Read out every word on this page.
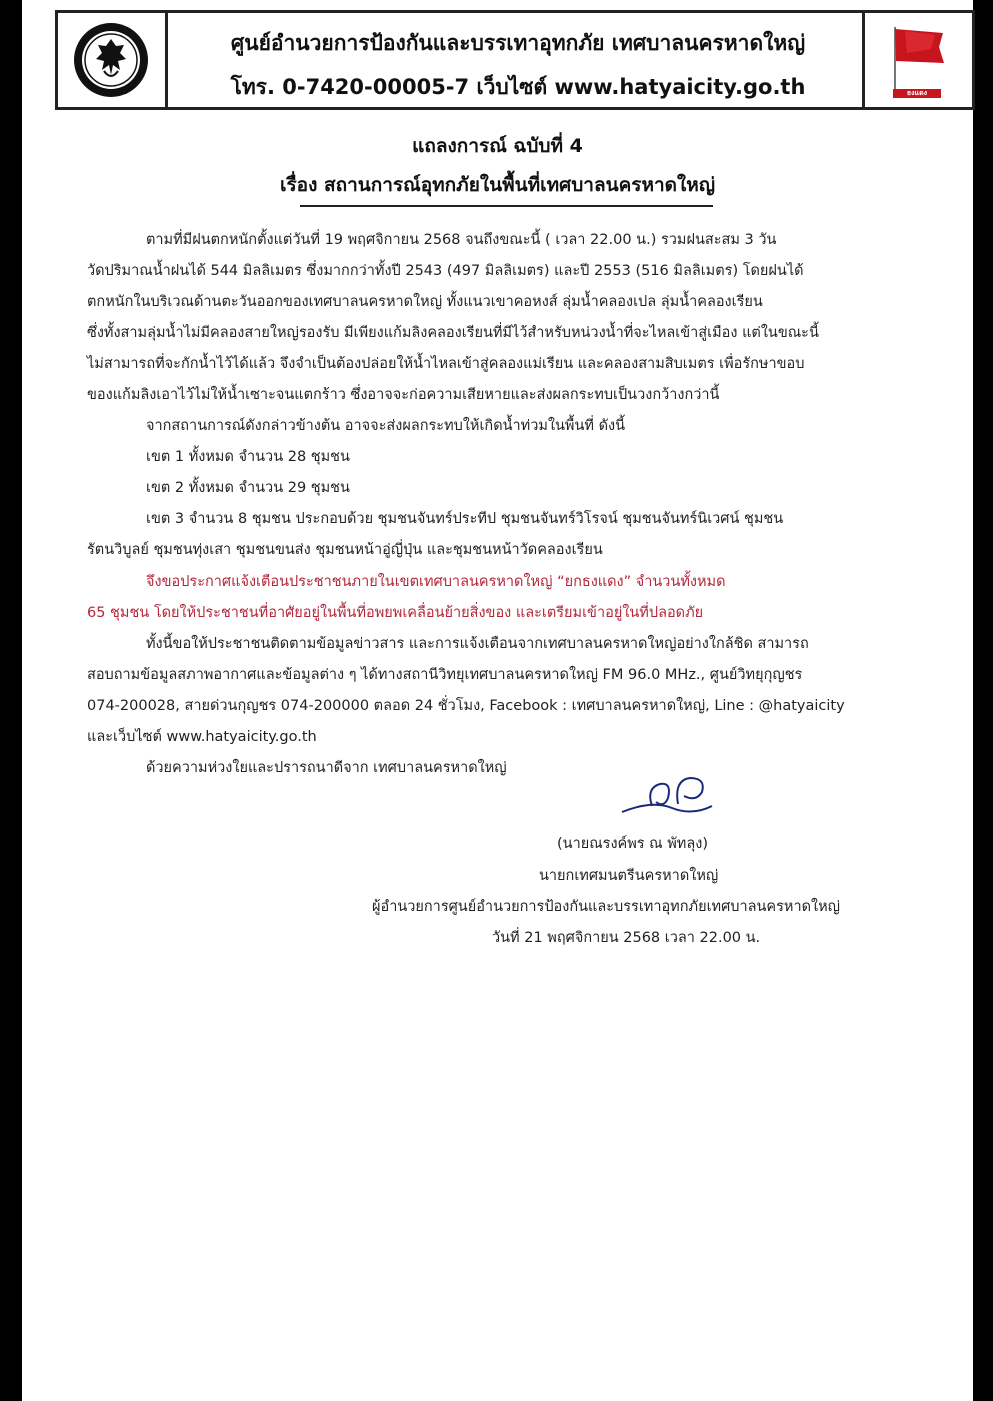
ศูนย์อำนวยการป้องกันและบรรเทาอุทกภัย เทศบาลนครหาดใหญ่
โทร. 0-7420-00005-7 เว็บไซต์ www.hatyaicity.go.th	ธงแดง
แถลงการณ์ ฉบับที่ 4
เรื่อง สถานการณ์อุทกภัยในพื้นที่เทศบาลนครหาดใหญ่
ตามที่มีฝนตกหนักตั้งแต่วันที่ 19 พฤศจิกายน 2568 จนถึงขณะนี้ ( เวลา 22.00 น.) รวมฝนสะสม 3 วัน
วัดปริมาณน้ำฝนได้ 544 มิลลิเมตร ซึ่งมากกว่าทั้งปี 2543 (497 มิลลิเมตร) และปี 2553 (516 มิลลิเมตร) โดยฝนได้
ตกหนักในบริเวณด้านตะวันออกของเทศบาลนครหาดใหญ่ ทั้งแนวเขาคอหงส์ ลุ่มน้ำคลองเปล ลุ่มน้ำคลองเรียน
ซึ่งทั้งสามลุ่มน้ำไม่มีคลองสายใหญ่รองรับ มีเพียงแก้มลิงคลองเรียนที่มีไว้สำหรับหน่วงน้ำที่จะไหลเข้าสู่เมือง แต่ในขณะนี้
ไม่สามารถที่จะกักน้ำไว้ได้แล้ว จึงจำเป็นต้องปล่อยให้น้ำไหลเข้าสู่คลองแม่เรียน และคลองสามสิบเมตร เพื่อรักษาขอบ
ของแก้มลิงเอาไว้ไม่ให้น้ำเซาะจนแตกร้าว ซึ่งอาจจะก่อความเสียหายและส่งผลกระทบเป็นวงกว้างกว่านี้
จากสถานการณ์ดังกล่าวข้างต้น อาจจะส่งผลกระทบให้เกิดน้ำท่วมในพื้นที่ ดังนี้
เขต 1 ทั้งหมด จำนวน 28 ชุมชน
เขต 2 ทั้งหมด จำนวน 29 ชุมชน
เขต 3 จำนวน 8 ชุมชน ประกอบด้วย ชุมชนจันทร์ประทีป ชุมชนจันทร์วิโรจน์ ชุมชนจันทร์นิเวศน์ ชุมชน
รัตนวิบูลย์ ชุมชนทุ่งเสา ชุมชนขนส่ง ชุมชนหน้าอู่ญี่ปุ่น และชุมชนหน้าวัดคลองเรียน
จึงขอประกาศแจ้งเตือนประชาชนภายในเขตเทศบาลนครหาดใหญ่ “ยกธงแดง” จำนวนทั้งหมด
65 ชุมชน โดยให้ประชาชนที่อาศัยอยู่ในพื้นที่อพยพเคลื่อนย้ายสิ่งของ และเตรียมเข้าอยู่ในที่ปลอดภัย
ทั้งนี้ขอให้ประชาชนติดตามข้อมูลข่าวสาร และการแจ้งเตือนจากเทศบาลนครหาดใหญ่อย่างใกล้ชิด สามารถ
สอบถามข้อมูลสภาพอากาศและข้อมูลต่าง ๆ ได้ทางสถานีวิทยุเทศบาลนครหาดใหญ่ FM 96.0 MHz., ศูนย์วิทยุกุญชร
074-200028, สายด่วนกุญชร 074-200000 ตลอด 24 ชั่วโมง, Facebook : เทศบาลนครหาดใหญ่, Line : @hatyaicity
และเว็บไซต์ www.hatyaicity.go.th
ด้วยความห่วงใยและปรารถนาดีจาก เทศบาลนครหาดใหญ่
(นายณรงค์พร ณ พัทลุง)
นายกเทศมนตรีนครหาดใหญ่
ผู้อำนวยการศูนย์อำนวยการป้องกันและบรรเทาอุทกภัยเทศบาลนครหาดใหญ่
วันที่ 21 พฤศจิกายน 2568 เวลา 22.00 น.
